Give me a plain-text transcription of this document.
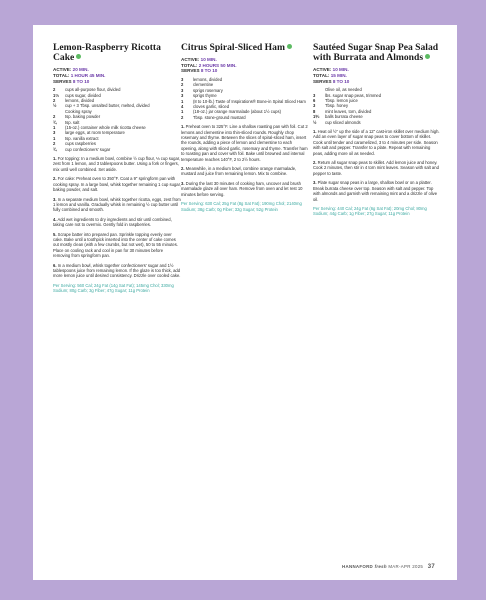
Lemon-Raspberry Ricotta Cake
ACTIVE: 20 MIN.
TOTAL: 1 HOUR 45 MIN.
SERVES 8 TO 10
2	cups all-purpose flour, divided
1⅔	cups sugar, divided
2	lemons, divided
½	cup + 3 Tbsp. unsalted butter, melted, divided
Cooking spray
2	tsp. baking powder
¾	tsp. salt
1	(15-oz.) container whole milk ricotta cheese
3	large eggs, at room temperature
1	tsp. vanilla extract
2	cups raspberries
¾	cup confectioners' sugar

1. For topping: In a medium bowl, combine ½ cup flour, ⅓ cup sugar, zest from 1 lemon, and 3 tablespoons butter. Using a fork or fingers, mix until well combined. Set aside.

2. For cake: Preheat oven to 350°F. Coat a 9" springform pan with cooking spray. In a large bowl, whisk together remaining 1 cup sugar, baking powder, and salt.

3. In a separate medium bowl, whisk together ricotta, eggs, zest from 1 lemon and vanilla. Gradually whisk in remaining ½ cup butter until fully combined and smooth.

4. Add wet ingredients to dry ingredients and stir until combined, taking care not to overmix. Gently fold in raspberries.

5. Scrape batter into prepared pan. Sprinkle topping evenly over cake. Bake until a toothpick inserted into the center of cake comes out mostly clean (with a few crumbs, but not wet), 50 to 55 minutes. Place on cooling rack and cool in pan for 30 minutes before removing from springform pan.

6. In a medium bowl, whisk together confectioners' sugar and 1½ tablespoons juice from remaining lemon. If the glaze is too thick, add more lemon juice until desired consistency. Drizzle over cooled cake.

Per Serving: 560 Cal; 24g Fat (14g Sat Fat); 145mg Chol; 330mg Sodium; 80g Carb; 3g Fiber; 47g Sugar; 11g Protein
Citrus Spiral-Sliced Ham
ACTIVE: 10 MIN.
TOTAL: 2 HOURS 50 MIN.
SERVES 8 TO 10
3	lemons, divided
2	clementine
3	sprigs rosemary
3	sprigs thyme
1	(8 to 10-lb.) Taste of Inspirations® Bone-in Spiral Sliced Ham
4	cloves garlic, sliced
1	(18-oz.) jar orange marmalade (about 1½ cups)
2	Tbsp. stone-ground mustard

1. Preheat oven to 325°F. Line a shallow roasting pan with foil. Cut 2 lemons and clementine into thin-sliced rounds. Roughly chop rosemary and thyme. Between the slices of spiral-sliced ham, insert the rounds, adding a piece of lemon and clementine to each opening, along with sliced garlic, rosemary and thyme. Transfer ham to roasting pan and cover with foil. Bake until browned and internal temperature reaches 140°F, 2 to 2½ hours.

2. Meanwhile, in a medium bowl, combine orange marmalade, mustard and juice from remaining lemon. Mix to combine.

3. During the last 30 minutes of cooking ham, uncover and brush marmalade glaze all over ham. Remove from oven and let rest 10 minutes before serving.

Per Serving: 630 Cal; 25g Fat (8g Sat Fat); 190mg Chol; 2140mg Sodium; 38g Carb; 0g Fiber; 32g Sugar; 52g Protein
Sautéed Sugar Snap Pea Salad with Burrata and Almonds
ACTIVE: 10 MIN.
TOTAL: 15 MIN.
SERVES 8 TO 10
Olive oil, as needed
3	lbs. sugar snap peas, trimmed
6	Tbsp. lemon juice
3	Tbsp. honey
8	mint leaves, torn, divided
1⅟₂	balls burrata cheese
½	cup sliced almonds

1. Heat oil ½" up the side of a 12" cast-iron skillet over medium high. Add an even layer of sugar snap peas to cover bottom of skillet. Cook until tender and caramelized, 3 to 4 minutes per side. Season with salt and pepper. Transfer to a plate. Repeat with remaining peas, adding more oil as needed.

2. Return all sugar snap peas to skillet. Add lemon juice and honey. Cook 2 minutes, then stir in 4 torn mint leaves. Season with salt and pepper to taste.

3. Plate sugar snap peas in a large, shallow bowl or on a platter. Break burrata cheese over top. Season with salt and pepper. Top with almonds and garnish with remaining mint and a drizzle of olive oil.

Per Serving: 440 Cal; 24g Fat (6g Sat Fat); 20mg Chol; 80mg Sodium; 44g Carb; 1g Fiber; 27g Sugar; 11g Protein
HANNAFORD fresh MAR-APR 2025 37
